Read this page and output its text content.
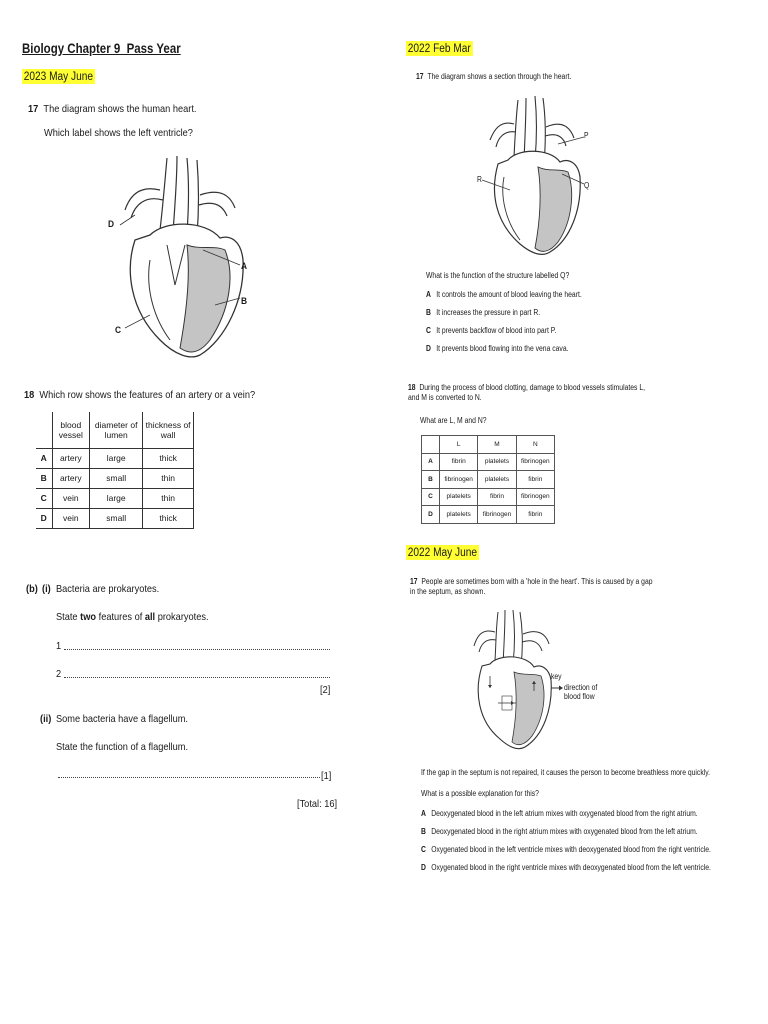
Biology Chapter 9_Pass Year
2023 May June
17 The diagram shows the human heart.
Which label shows the left ventricle?
D
A
B
C
18 Which row shows the features of an artery or a vein?
	blood vessel	diameter of lumen	thickness of wall
A	artery	large	thick
B	artery	small	thin
C	vein	large	thin
D	vein	small	thick
(b) (i) Bacteria are prokaryotes.
State two features of all prokaryotes.
1
2
[2]
(ii) Some bacteria have a flagellum.
State the function of a flagellum.
[1]
[Total: 16]
2022 Feb Mar
17 The diagram shows a section through the heart.
P
Q
R
What is the function of the structure labelled Q?
A It controls the amount of blood leaving the heart.
B It increases the pressure in part R.
C It prevents backflow of blood into part P.
D It prevents blood flowing into the vena cava.
18 During the process of blood clotting, damage to blood vessels stimulates L, and M is converted to N.
What are L, M and N?
	L	M	N
A	fibrin	platelets	fibrinogen
B	fibrinogen	platelets	fibrin
C	platelets	fibrin	fibrinogen
D	platelets	fibrinogen	fibrin
2022 May June
17 People are sometimes born with a 'hole in the heart'. This is caused by a gap in the septum, as shown.
key
direction of blood flow
If the gap in the septum is not repaired, it causes the person to become breathless more quickly.
What is a possible explanation for this?
A Deoxygenated blood in the left atrium mixes with oxygenated blood from the right atrium.
B Deoxygenated blood in the right atrium mixes with oxygenated blood from the left atrium.
C Oxygenated blood in the left ventricle mixes with deoxygenated blood from the right ventricle.
D Oxygenated blood in the right ventricle mixes with deoxygenated blood from the left ventricle.
